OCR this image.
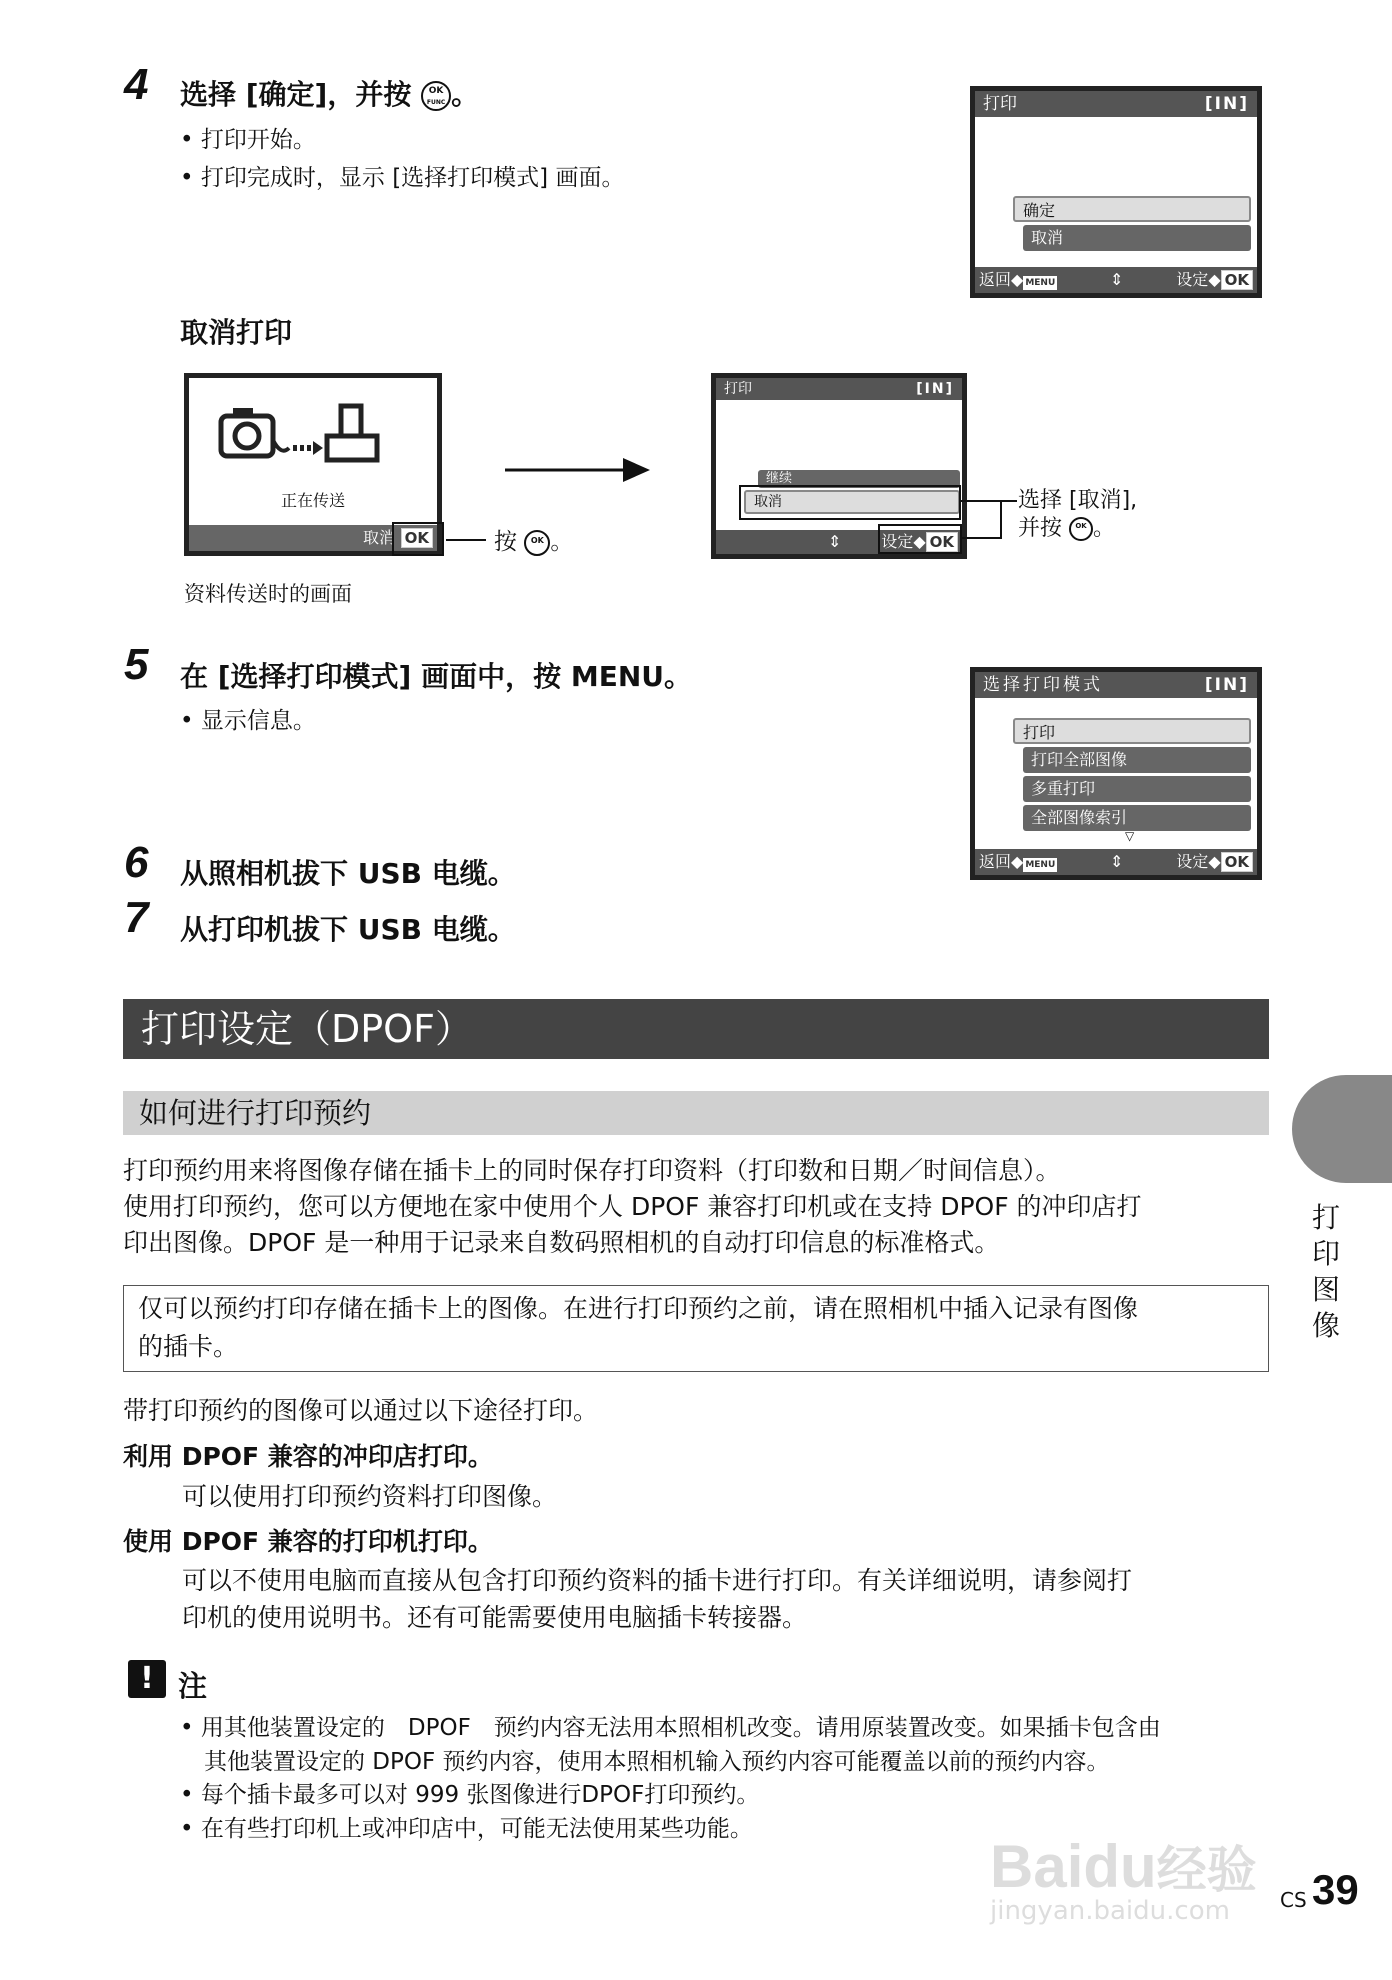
4 选择 [确定]，并按 OK
FUNC 。
• 打印开始。
• 打印完成时，显示 [选择打印模式] 画面。
打印	[IN]
确定
取消
返回◆ MENU	⇕	设定◆ OK
取消打印
正在传送
取消 OK	按 OK 。
资料传送时的画面
打印	[IN]
继续
取消
⇕ 设定◆ OK
选择 [取消],
并按 OK 。
5 在 [选择打印模式] 画面中，按 MENU。
• 显示信息。
选择打印模式	[IN]
打印
打印全部图像
多重打印
全部图像索引
▽
返回◆ MENU	⇕	设定◆ OK
6 从照相机拔下 USB 电缆。
7 从打印机拔下 USB 电缆。
打印设定（DPOF）
如何进行打印预约
打印预约用来将图像存储在插卡上的同时保存打印资料（打印数和日期／时间信息）。
使用打印预约，您可以方便地在家中使用个人 DPOF 兼容打印机或在支持 DPOF 的冲印店打
印出图像。DPOF 是一种用于记录来自数码照相机的自动打印信息的标准格式。
仅可以预约打印存储在插卡上的图像。在进行打印预约之前，请在照相机中插入记录有图像
的插卡。
带打印预约的图像可以通过以下途径打印。
利用 DPOF 兼容的冲印店打印。
可以使用打印预约资料打印图像。
使用 DPOF 兼容的打印机打印。
可以不使用电脑而直接从包含打印预约资料的插卡进行打印。有关详细说明，请参阅打
印机的使用说明书。还有可能需要使用电脑插卡转接器。
! 注
• 用其他装置设定的　DPOF　预约内容无法用本照相机改变。请用原装置改变。如果插卡包含由
其他装置设定的 DPOF 预约内容，使用本照相机输入预约内容可能覆盖以前的预约内容。
• 每个插卡最多可以对 999 张图像进行DPOF打印预约。
• 在有些打印机上或冲印店中，可能无法使用某些功能。
打
印
图
像
Baidu经验
jingyan.baidu.com	CS 39
